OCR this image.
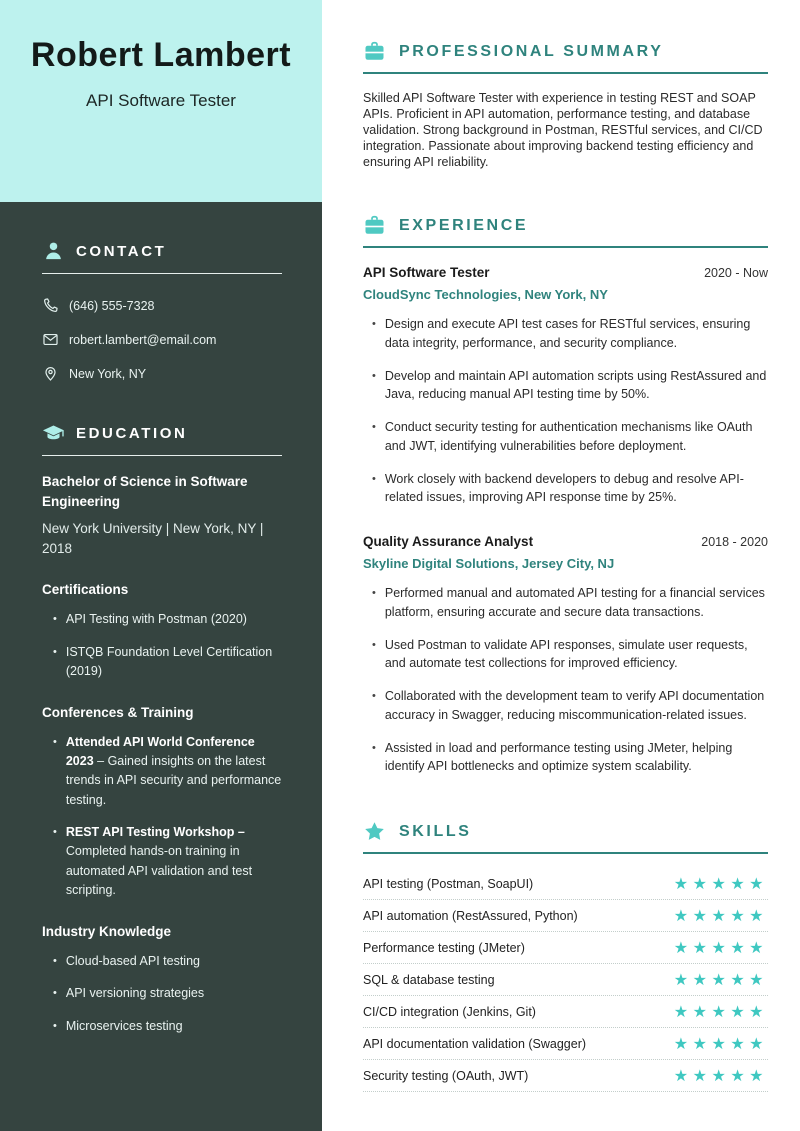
Robert Lambert
API Software Tester
CONTACT
(646) 555-7328
robert.lambert@email.com
New York, NY
EDUCATION
Bachelor of Science in Software Engineering
New York University | New York, NY | 2018
Certifications
• API Testing with Postman (2020)
• ISTQB Foundation Level Certification (2019)
Conferences & Training
• Attended API World Conference 2023 – Gained insights on the latest trends in API security and performance testing.
• REST API Testing Workshop – Completed hands-on training in automated API validation and test scripting.
Industry Knowledge
• Cloud-based API testing
• API versioning strategies
• Microservices testing
PROFESSIONAL SUMMARY

Skilled API Software Tester with experience in testing REST and SOAP APIs. Proficient in API automation, performance testing, and database validation. Strong background in Postman, RESTful services, and CI/CD integration. Passionate about improving backend testing efficiency and ensuring API reliability.

EXPERIENCE
API Software Tester	2020 - Now
CloudSync Technologies, New York, NY
• Design and execute API test cases for RESTful services, ensuring data integrity, performance, and security compliance.
• Develop and maintain API automation scripts using RestAssured and Java, reducing manual API testing time by 50%.
• Conduct security testing for authentication mechanisms like OAuth and JWT, identifying vulnerabilities before deployment.
• Work closely with backend developers to debug and resolve API-related issues, improving API response time by 25%.
Quality Assurance Analyst	2018 - 2020
Skyline Digital Solutions, Jersey City, NJ
• Performed manual and automated API testing for a financial services platform, ensuring accurate and secure data transactions.
• Used Postman to validate API responses, simulate user requests, and automate test collections for improved efficiency.
• Collaborated with the development team to verify API documentation accuracy in Swagger, reducing miscommunication-related issues.
• Assisted in load and performance testing using JMeter, helping identify API bottlenecks and optimize system scalability.
SKILLS
API testing (Postman, SoapUI)	★★★★★
API automation (RestAssured, Python)	★★★★★
Performance testing (JMeter)	★★★★★
SQL & database testing	★★★★★
CI/CD integration (Jenkins, Git)	★★★★★
API documentation validation (Swagger)	★★★★★
Security testing (OAuth, JWT)	★★★★★
